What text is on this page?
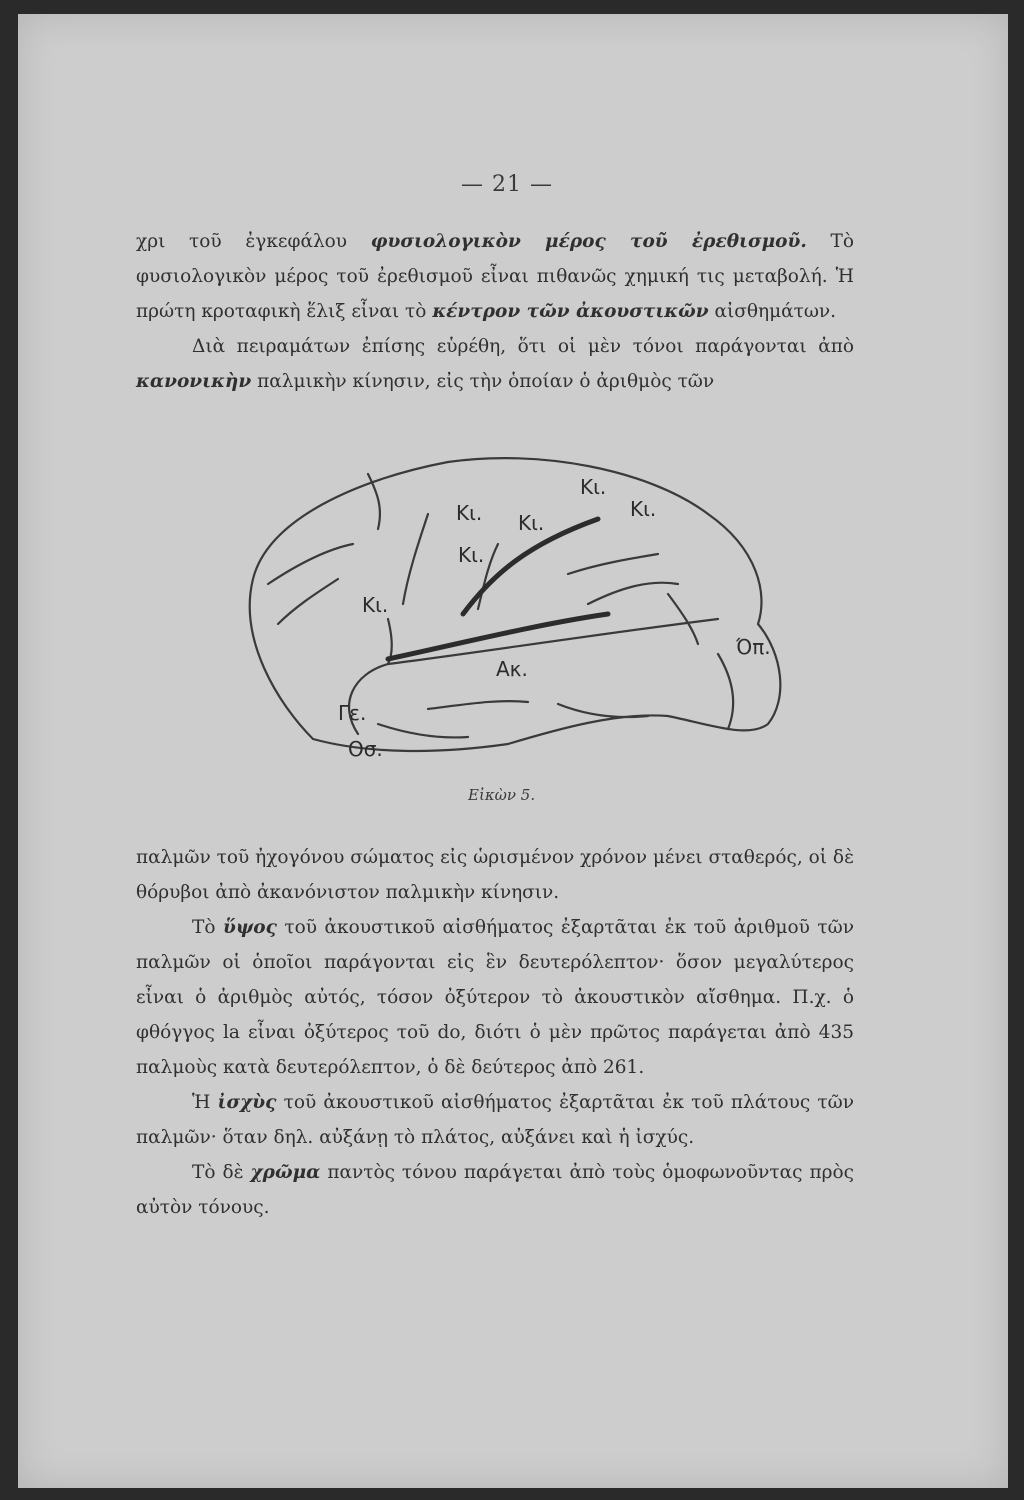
— 21 —

χρι τοῦ ἐγκεφάλου φυσιολογικὸν μέρος τοῦ ἐρεθισμοῦ. Τὸ φυσιολογικὸν μέρος τοῦ ἐρεθισμοῦ εἶναι πιθανῶς χημική τις μεταβολή. Ἡ πρώτη κροταφικὴ ἕλιξ εἶναι τὸ κέντρον τῶν ἀκουστικῶν αἰσθημάτων.

Διὰ πειραμάτων ἐπίσης εὑρέθη, ὅτι οἱ μὲν τόνοι παράγονται ἀπὸ κανονικὴν παλμικὴν κίνησιν, εἰς τὴν ὁποίαν ὁ ἀριθμὸς τῶν

Κι. Κι.
Κι.
Κι.
Κι.
Κι.
Ακ.
Όπ.
Γε.
Οσ.
Εἰκὼν 5.

παλμῶν τοῦ ἠχογόνου σώματος εἰς ὡρισμένον χρόνον μένει σταθερός, οἱ δὲ θόρυβοι ἀπὸ ἀκανόνιστον παλμικὴν κίνησιν.

Τὸ ὕψος τοῦ ἀκουστικοῦ αἰσθήματος ἐξαρτᾶται ἐκ τοῦ ἀριθμοῦ τῶν παλμῶν οἱ ὁποῖοι παράγονται εἰς ἓν δευτερόλεπτον· ὅσον μεγαλύτερος εἶναι ὁ ἀριθμὸς αὐτός, τόσον ὀξύτερον τὸ ἀκουστικὸν αἴσθημα. Π.χ. ὁ φθόγγος la εἶναι ὀξύτερος τοῦ do, διότι ὁ μὲν πρῶτος παράγεται ἀπὸ 435 παλμοὺς κατὰ δευτερόλεπτον, ὁ δὲ δεύτερος ἀπὸ 261.

Ἡ ἰσχὺς τοῦ ἀκουστικοῦ αἰσθήματος ἐξαρτᾶται ἐκ τοῦ πλάτους τῶν παλμῶν· ὅταν δηλ. αὐξάνῃ τὸ πλάτος, αὐξάνει καὶ ἡ ἰσχύς.

Τὸ δὲ χρῶμα παντὸς τόνου παράγεται ἀπὸ τοὺς ὁμοφωνοῦντας πρὸς αὐτὸν τόνους.
